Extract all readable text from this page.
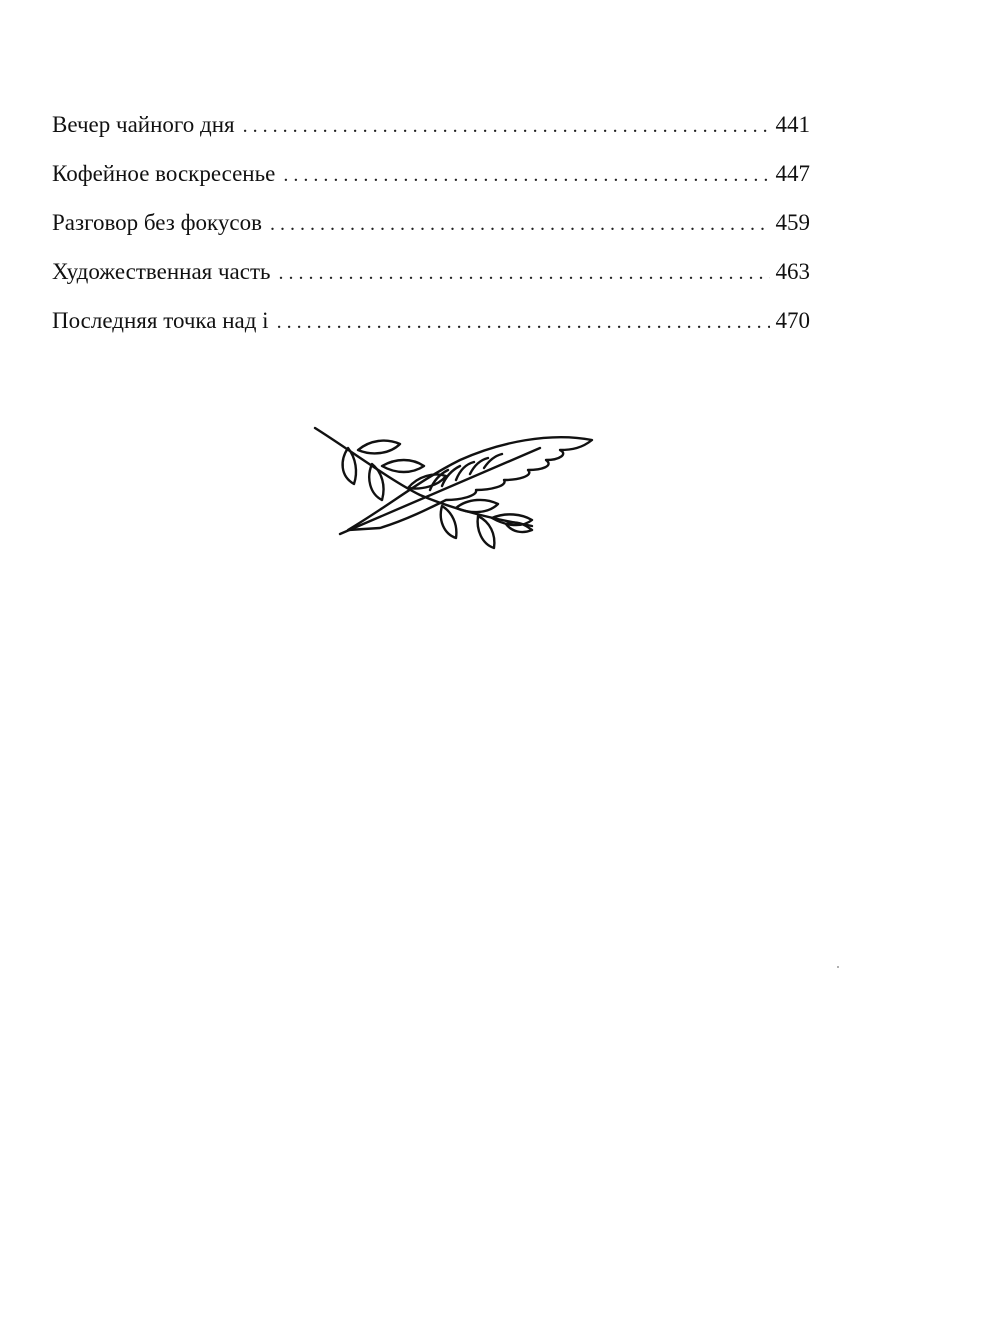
Вечер чайного дня . . .	441
Кофейное воскресенье . . .	447
Разговор без фокусов . . .	459
Художественная часть . . .	463
Последняя точка над і . . .	470
